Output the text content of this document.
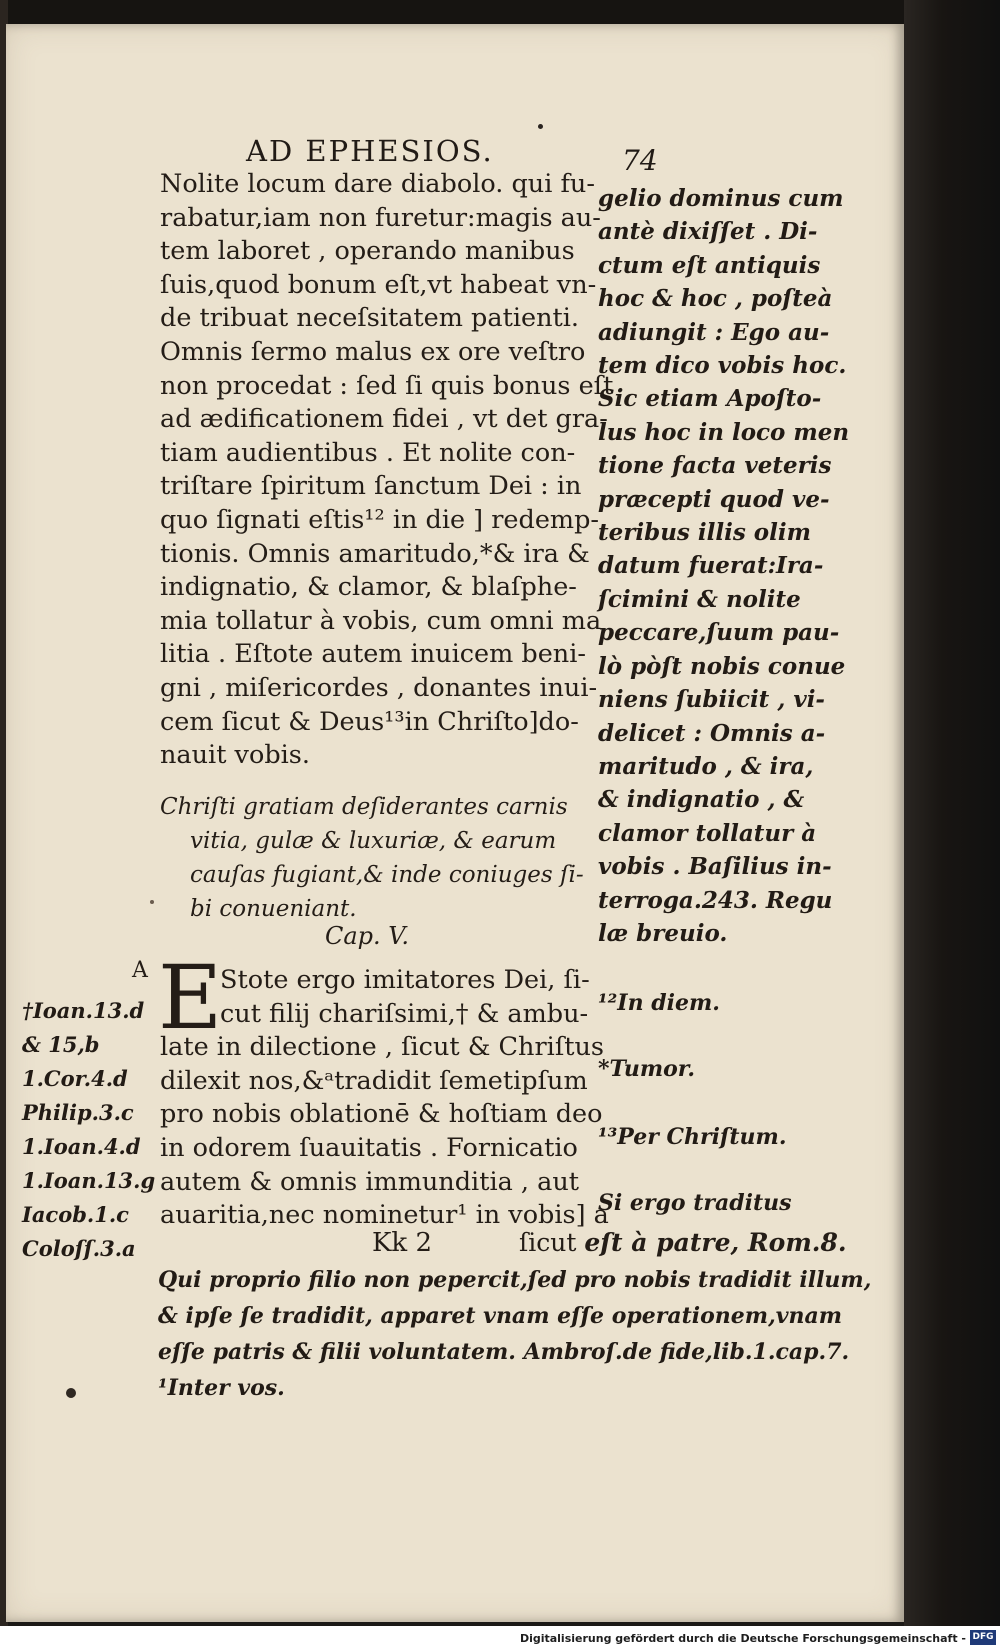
AD EPHESIOS.	74
Nolite locum dare diabolo. qui fu-
rabatur,iam non furetur:magis au-
tem laboret , operando manibus
ſuis,quod bonum eſt,vt habeat vn-
de tribuat neceſsitatem patienti.
Omnis ſermo malus ex ore veſtro
non procedat : ſed ſi quis bonus eſt
ad ædificationem fidei , vt det gra-
tiam audientibus . Et nolite con-
triſtare ſpiritum ſanctum Dei : in
quo ſignati eſtis¹² in die ] redemp-
tionis. Omnis amaritudo,*& ira &
indignatio, & clamor, & blaſphe-
mia tollatur à vobis, cum omni ma
litia . Eſtote autem inuicem beni-
gni , miſericordes , donantes inui-
cem ſicut & Deus¹³in Chriſto]do-
nauit vobis.
Chriſti gratiam deſiderantes carnis
vitia, gulæ & luxuriæ, & earum
cauſas fugiant,& inde coniuges ſi-
bi conueniant.
Cap. V.
A E
Stote ergo imitatores Dei, ſi-
cut filij chariſsimi,† & ambu-
late in dilectione , ſicut & Chriſtus
dilexit nos,&ᵃtradidit ſemetipſum
pro nobis oblationē & hoſtiam deo
in odorem ſuauitatis . Fornicatio
autem & omnis immunditia , aut
auaritia,nec nominetur¹ in vobis] a
gelio dominus cum
antè dixiſſet . Di-
ctum eſt antiquis
hoc & hoc , poſteà
adiungit : Ego au-
tem dico vobis hoc.
Sic etiam Apoſto-
lus hoc in loco men
tione facta veteris
præcepti quod ve-
teribus illis olim
datum fuerat:Ira-
ſcimini & nolite
peccare,ſuum pau-
lò pòſt nobis conue
niens ſubiicit , vi-
delicet : Omnis a-
maritudo , & ira,
& indignatio , &
clamor tollatur à
vobis . Baſilius in-
terroga.243. Regu
læ breuio.
¹²In diem.
*Tumor.
¹³Per Chriſtum.
Si ergo traditus
†Ioan.13.d
& 15,b
1.Cor.4.d
Philip.3.c
1.Ioan.4.d
1.Ioan.13.g
Iacob.1.c
Coloſſ.3.a	Kk 2	ſicut eſt à patre, Rom.8.
Qui proprio filio non pepercit,ſed pro nobis tradidit illum,
& ipſe ſe tradidit, apparet vnam eſſe operationem,vnam
eſſe patris & filii voluntatem. Ambroſ.de fide,lib.1.cap.7.
¹Inter vos.
Digitalisierung gefördert durch die Deutsche Forschungsgemeinschaft - DFG
